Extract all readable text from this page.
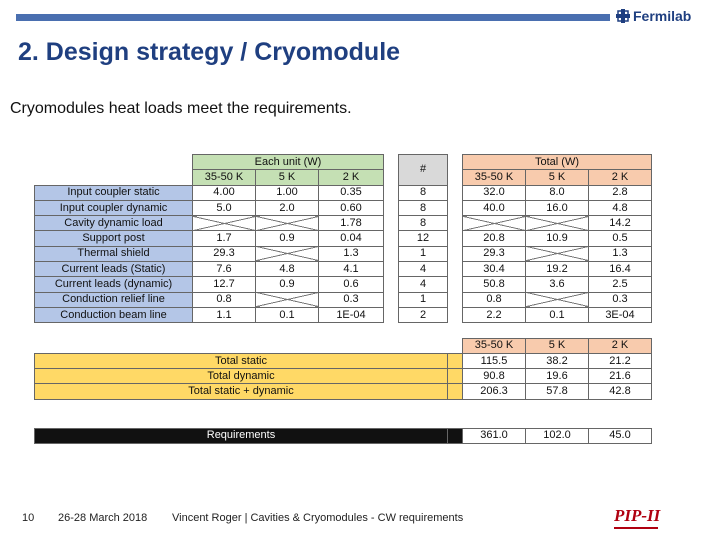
Fermilab
2. Design strategy / Cryomodule
Cryomodules heat loads meet the requirements.
	Each unit (W)				#		Total (W)		
	35-50 K	5 K	2 K				35-50 K	5 K	2 K
Input coupler static	4.00	1.00	0.35		8		32.0	8.0	2.8
Input coupler dynamic	5.0	2.0	0.60		8		40.0	16.0	4.8
Cavity dynamic load			1.78		8				14.2
Support post	1.7	0.9	0.04		12		20.8	10.9	0.5
Thermal shield	29.3		1.3		1		29.3		1.3
Current leads (Static)	7.6	4.8	4.1		4		30.4	19.2	16.4
Current leads (dynamic)	12.7	0.9	0.6		4		50.8	3.6	2.5
Conduction relief line	0.8		0.3		1		0.8		0.3
Conduction beam line	1.1	0.1	1E-04		2		2.2	0.1	3E-04

							35-50 K	5 K	2 K
Total static							115.5	38.2	21.2
Total dynamic							90.8	19.6	21.6
Total static + dynamic							206.3	57.8	42.8

Requirements							361.0	102.0	45.0
10 26-28 March 2018 Vincent Roger | Cavities & Cryomodules - CW requirements	PIP-II
